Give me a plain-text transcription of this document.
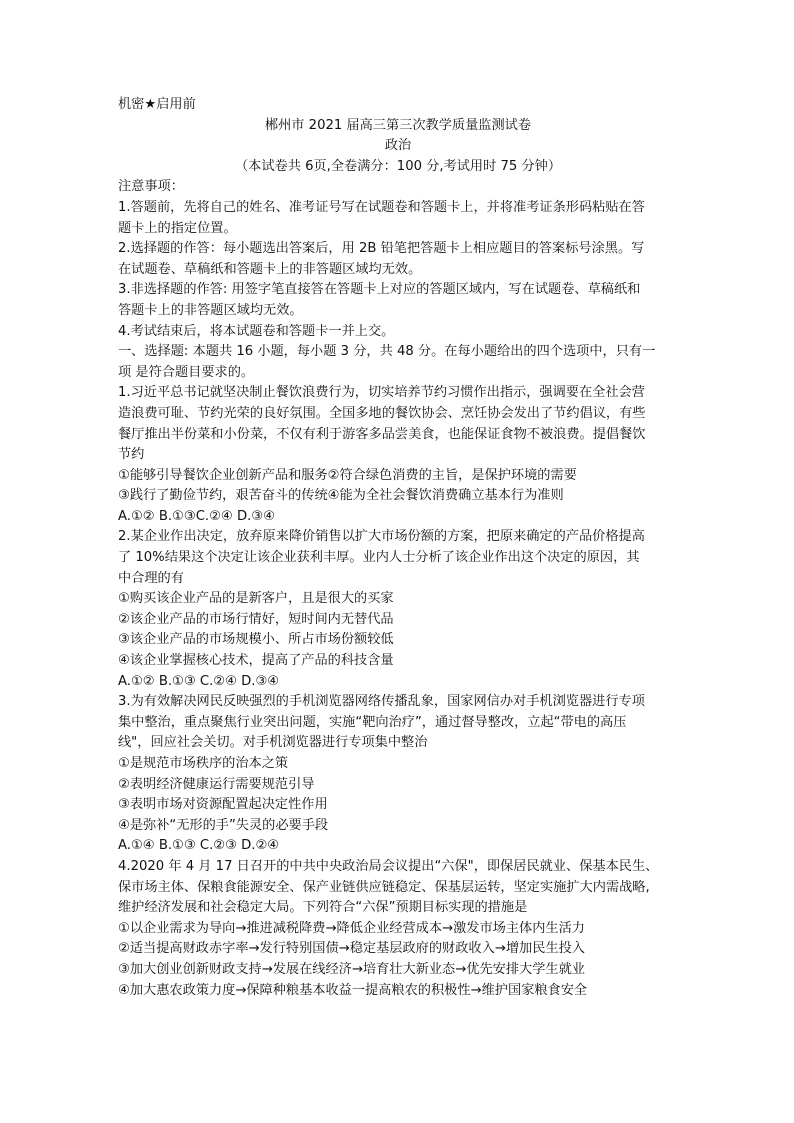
机密★启用前
郴州市 2021 届高三第三次教学质量监测试卷
政治
（本试卷共 6页,全卷满分：100 分,考试用时 75 分钟）
注意事项：
1.答题前，先将自己的姓名、准考证号写在试题卷和答题卡上，并将准考证条形码粘贴在答
题卡上的指定位置。
2.选择题的作答：每小题选出答案后，用 2B 铅笔把答题卡上相应题目的答案标号涂黑。写
在试题卷、草稿纸和答题卡上的非答题区域均无效。
3.非选择题的作答: 用签字笔直接答在答题卡上对应的答题区域内，写在试题卷、草稿纸和
答题卡上的非答题区域均无效。
4.考试结束后，将本试题卷和答题卡一并上交。
一、选择题: 本题共 16 小题，每小题 3 分，共 48 分。在每小题给出的四个选项中，只有一
项 是符合题目要求的。
1.习近平总书记就坚决制止餐饮浪费行为，切实培养节约习惯作出指示，强调要在全社会营
造浪费可耻、节约光荣的良好氛围。全国多地的餐饮协会、烹饪协会发出了节约倡议，有些
餐厅推出半份菜和小份菜，不仅有利于游客多品尝美食，也能保证食物不被浪费。提倡餐饮
节约
①能够引导餐饮企业创新产品和服务②符合绿色消费的主旨，是保护环境的需要
③践行了勤俭节约，艰苦奋斗的传统④能为全社会餐饮消费确立基本行为准则
A.①② B.①③C.②④ D.③④
2.某企业作出决定，放弃原来降价销售以扩大市场份额的方案，把原来确定的产品价格提高
了 10%结果这个决定让该企业获利丰厚。业内人士分析了该企业作出这个决定的原因，其
中合理的有
①购买该企业产品的是新客户，且是很大的买家
②该企业产品的市场行情好，短时间内无替代品
③该企业产品的市场规模小、所占市场份额较低
④该企业掌握核心技术，提高了产品的科技含量
A.①② B.①③ C.②④ D.③④
3.为有效解决网民反映强烈的手机浏览器网络传播乱象，国家网信办对手机浏览器进行专项
集中整治，重点聚焦行业突出问题，实施“靶向治疗”，通过督导整改，立起“带电的高压
线"，回应社会关切。对手机浏览器进行专项集中整治
①是规范市场秩序的治本之策
②表明经济健康运行需要规范引导
③表明市场对资源配置起决定性作用
④是弥补“无形的手”失灵的必要手段
A.①④ B.①③ C.②③ D.②④
4.2020 年 4 月 17 日召开的中共中央政治局会议提出“六保"，即保居民就业、保基本民生、
保市场主体、保粮食能源安全、保产业链供应链稳定、保基层运转，坚定实施扩大内需战略,
维护经济发展和社会稳定大局。下列符合“六保”预期目标实现的措施是
①以企业需求为导向→推进减税降费→降低企业经营成本→激发市场主体内生活力
②适当提高财政赤字率→发行特别国债→稳定基层政府的财政收入→增加民生投入
③加大创业创新财政支持→发展在线经济→培育壮大新业态→优先安排大学生就业
④加大惠农政策力度→保障种粮基本收益一提高粮农的积极性→维护国家粮食安全
